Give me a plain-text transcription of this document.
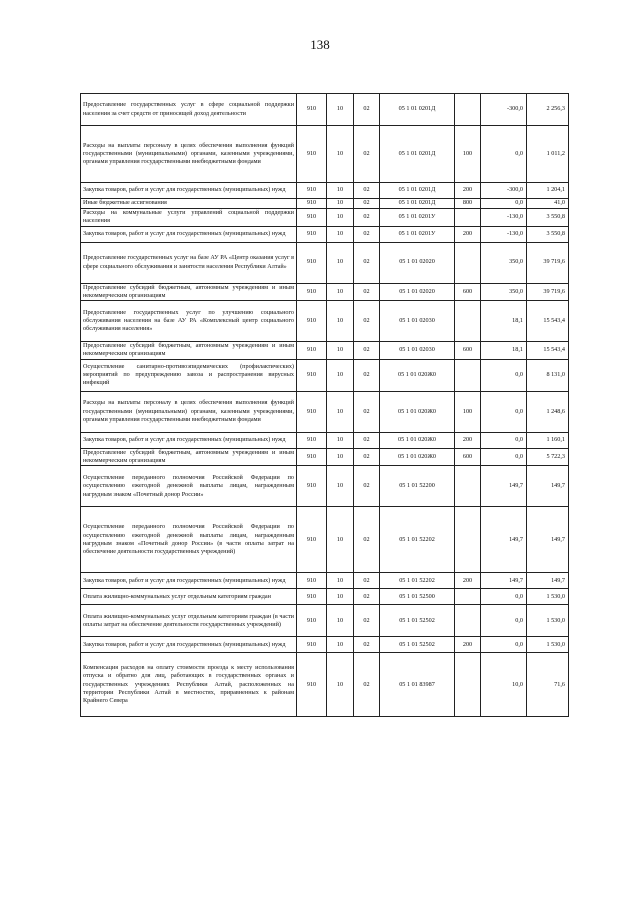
138
Предоставление государственных услуг в сфере социальной поддержки населения за счет средств от приносящей доход деятельности	910	10	02	05 1 01 0201Д		-300,0	2 256,3
Расходы на выплаты персоналу в целях обеспечения выполнения функций государственными (муниципальными) органами, казенными учреждениями, органами управления государственными внебюджетными фондами	910	10	02	05 1 01 0201Д	100	0,0	1 011,2
Закупка товаров, работ и услуг для государственных (муниципальных) нужд	910	10	02	05 1 01 0201Д	200	-300,0	1 204,1
Иные бюджетные ассигнования	910	10	02	05 1 01 0201Д	800	0,0	41,0
Расходы на коммунальные услуги управлений социальной поддержки населения	910	10	02	05 1 01 0201У		-130,0	3 550,8
Закупка товаров, работ и услуг для государственных (муниципальных) нужд	910	10	02	05 1 01 0201У	200	-130,0	3 550,8
Предоставление государственных услуг на базе АУ РА «Центр оказания услуг в сфере социального обслуживания и занятости населения Республики Алтай»	910	10	02	05 1 01 02020		350,0	39 719,6
Предоставление субсидий бюджетным, автономным учреждениям и иным некоммерческим организациям	910	10	02	05 1 01 02020	600	350,0	39 719,6
Предоставление государственных услуг по улучшению социального обслуживания населения на базе АУ РА «Комплексный центр социального обслуживания населения»	910	10	02	05 1 01 02030		18,1	15 543,4
Предоставление субсидий бюджетным, автономным учреждениям и иным некоммерческим организациям	910	10	02	05 1 01 02030	600	18,1	15 543,4
Осуществление санитарно-противоэпидемических (профилактических) мероприятий по предупреждению завоза и распространения вирусных инфекций	910	10	02	05 1 01 020Ж0		0,0	8 131,0
Расходы на выплаты персоналу в целях обеспечения выполнения функций государственными (муниципальными) органами, казенными учреждениями, органами управления государственными внебюджетными фондами	910	10	02	05 1 01 020Ж0	100	0,0	1 248,6
Закупка товаров, работ и услуг для государственных (муниципальных) нужд	910	10	02	05 1 01 020Ж0	200	0,0	1 160,1
Предоставление субсидий бюджетным, автономным учреждениям и иным некоммерческим организациям	910	10	02	05 1 01 020Ж0	600	0,0	5 722,3
Осуществление переданного полномочия Российской Федерации по осуществлению ежегодной денежной выплаты лицам, награжденным нагрудным знаком «Почетный донор России»	910	10	02	05 1 01 52200		149,7	149,7
Осуществление переданного полномочия Российской Федерации по осуществлению ежегодной денежной выплаты лицам, награжденным нагрудным знаком «Почетный донор России» (в части оплаты затрат на обеспечение деятельности государственных учреждений)	910	10	02	05 1 01 52202		149,7	149,7
Закупка товаров, работ и услуг для государственных (муниципальных) нужд	910	10	02	05 1 01 52202	200	149,7	149,7
Оплата жилищно-коммунальных услуг отдельным категориям граждан	910	10	02	05 1 01 52500		0,0	1 530,0
Оплата жилищно-коммунальных услуг отдельным категориям граждан (в части оплаты затрат на обеспечение деятельности государственных учреждений)	910	10	02	05 1 01 52502		0,0	1 530,0
Закупка товаров, работ и услуг для государственных (муниципальных) нужд	910	10	02	05 1 01 52502	200	0,0	1 530,0
Компенсация расходов на оплату стоимости проезда к месту использования отпуска и обратно для лиц, работающих в государственных органах и государственных учреждениях Республики Алтай, расположенных на территории Республики Алтай в местностях, приравненных к районам Крайнего Севера	910	10	02	05 1 01 83987		10,0	71,6
